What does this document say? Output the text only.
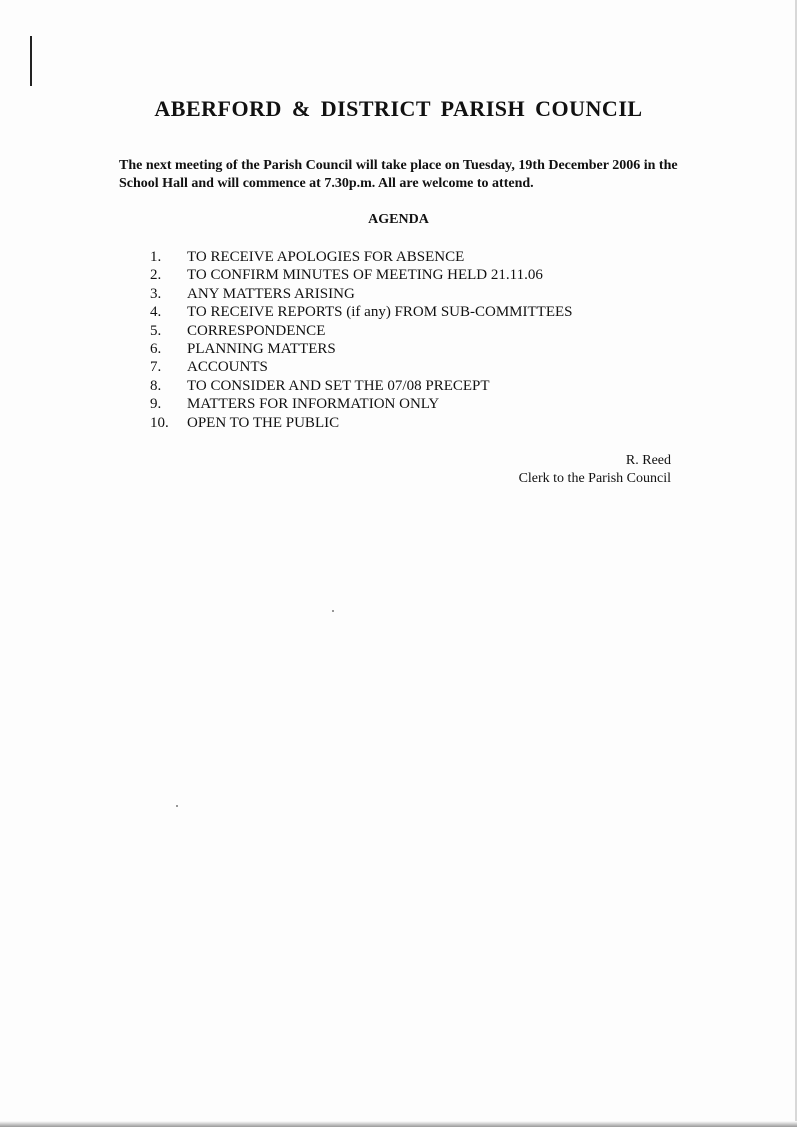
ABERFORD & DISTRICT PARISH COUNCIL

The next meeting of the Parish Council will take place on Tuesday, 19th December 2006 in the School Hall and will commence at 7.30p.m. All are welcome to attend.

AGENDA
1. TO RECEIVE APOLOGIES FOR ABSENCE
2. TO CONFIRM MINUTES OF MEETING HELD 21.11.06
3. ANY MATTERS ARISING
4. TO RECEIVE REPORTS (if any) FROM SUB-COMMITTEES
5. CORRESPONDENCE
6. PLANNING MATTERS
7. ACCOUNTS
8. TO CONSIDER AND SET THE 07/08 PRECEPT
9. MATTERS FOR INFORMATION ONLY
10. OPEN TO THE PUBLIC
R. Reed
Clerk to the Parish Council
